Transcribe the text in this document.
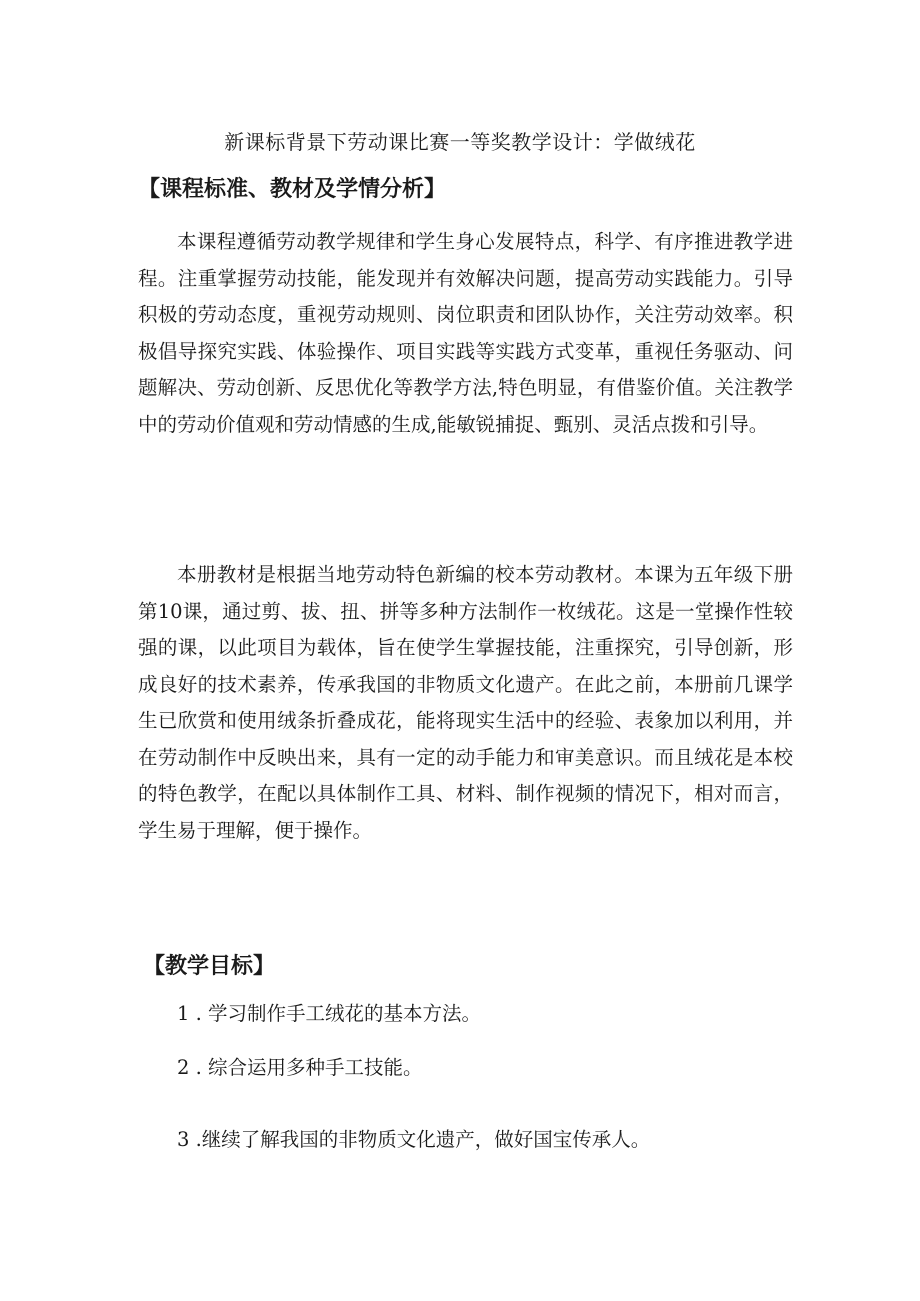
新课标背景下劳动课比赛一等奖教学设计：学做绒花
【课程标准、教材及学情分析】
本课程遵循劳动教学规律和学生身心发展特点，科学、有序推进教学进程。注重掌握劳动技能，能发现并有效解决问题，提高劳动实践能力。引导积极的劳动态度，重视劳动规则、岗位职责和团队协作，关注劳动效率。积极倡导探究实践、体验操作、项目实践等实践方式变革，重视任务驱动、问题解决、劳动创新、反思优化等教学方法,特色明显，有借鉴价值。关注教学中的劳动价值观和劳动情感的生成,能敏锐捕捉、甄别、灵活点拨和引导。
本册教材是根据当地劳动特色新编的校本劳动教材。本课为五年级下册第10课，通过剪、拔、扭、拼等多种方法制作一枚绒花。这是一堂操作性较强的课，以此项目为载体，旨在使学生掌握技能，注重探究，引导创新，形成良好的技术素养，传承我国的非物质文化遗产。在此之前，本册前几课学生已欣赏和使用绒条折叠成花，能将现实生活中的经验、表象加以利用，并在劳动制作中反映出来，具有一定的动手能力和审美意识。而且绒花是本校的特色教学，在配以具体制作工具、材料、制作视频的情况下，相对而言，学生易于理解，便于操作。
【教学目标】
1 . 学习制作手工绒花的基本方法。
2 . 综合运用多种手工技能。
3 .继续了解我国的非物质文化遗产，做好国宝传承人。
